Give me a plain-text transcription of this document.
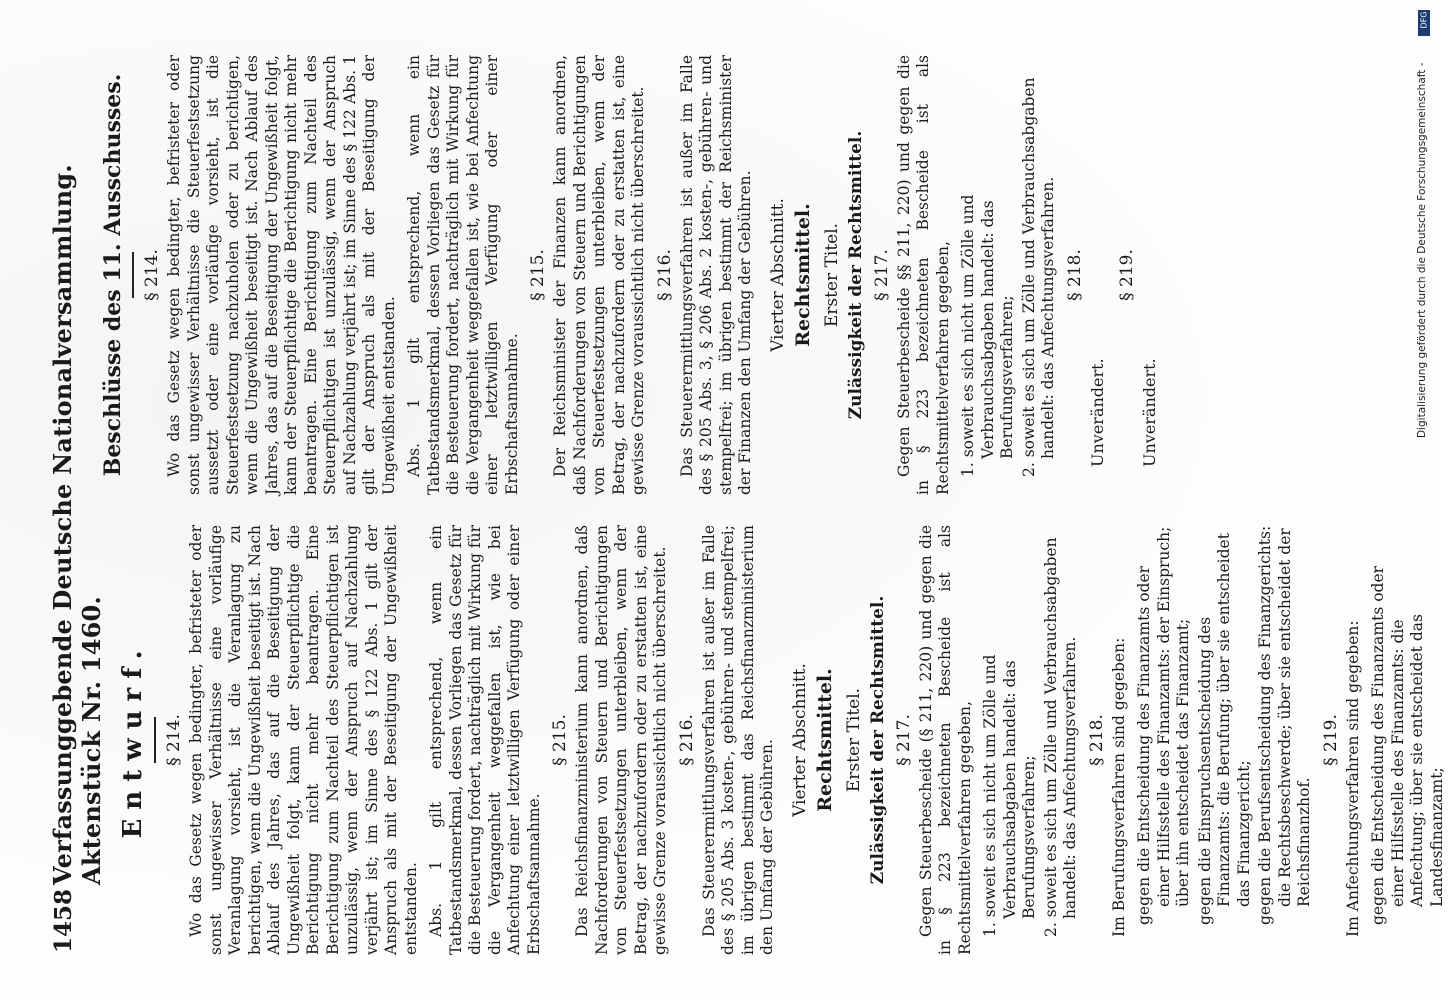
1458
Verfassunggebende Deutsche Nationalversammlung. Aktenstück Nr. 1460. Entwurf. § 214. Wo das Gesetz wegen bedingter, befristeter oder sonst ungewisser Verhältnisse eine vorläufige Veranlagung vorsieht, ist die Veranlagung zu berichtigen, wenn die Ungewißheit beseitigt ist. Nach Ablauf des Jahres, das auf die Beseitigung der Ungewißheit folgt, kann der Steuerpflichtige die Berichtigung nicht mehr beantragen. Eine Berichtigung zum Nachteil des Steuerpflichtigen ist unzulässig, wenn der Anspruch auf Nachzahlung verjährt ist; im Sinne des § 122 Abs. 1 gilt der Anspruch als mit der Beseitigung der Ungewißheit entstanden. Abs. 1 gilt entsprechend, wenn ein Tatbestandsmerkmal, dessen Vorliegen das Gesetz für die Besteuerung fordert, nachträglich mit Wirkung für die Vergangenheit weggefallen ist, wie bei Anfechtung einer letztwilligen Verfügung oder einer Erbschaftsannahme.

§ 215. Das Reichsfinanzministerium kann anordnen, daß Nachforderungen von Steuern und Berichtigungen von Steuerfestsetzungen unterbleiben, wenn der Betrag, der nachzufordern oder zu erstatten ist, eine gewisse Grenze voraussichtlich nicht überschreitet. § 216. Das Steuerermittlungsverfahren ist außer im Falle des § 205 Abs. 3 kosten-, gebühren- und stempelfrei; im übrigen bestimmt das Reichsfinanzministerium den Umfang der Gebühren. Vierter Abschnitt. Rechtsmittel. Erster Titel. Zulässigkeit der Rechtsmittel. § 217. Gegen Steuerbescheide (§ 211, 220) und gegen die in § 223 bezeichneten Bescheide ist als Rechtsmittelverfahren gegeben, 1. soweit es sich nicht um Zölle und Verbrauchsabgaben handelt: das Berufungsverfahren; 2. soweit es sich um Zölle und Verbrauchsabgaben handelt: das Anfechtungsverfahren. § 218. Im Berufungsverfahren sind gegeben: gegen die Entscheidung des Finanzamts oder einer Hilfsstelle des Finanzamts: der Einspruch; über ihn entscheidet das Finanzamt; gegen die Einspruchsentscheidung des Finanzamts: die Berufung; über sie entscheidet das Finanzgericht; gegen die Berufsentscheidung des Finanzgerichts: die Rechtsbeschwerde; über sie entscheidet der Reichsfinanzhof.
§ 219. Im Anfechtungsverfahren sind gegeben: gegen die Entscheidung des Finanzamts oder einer Hilfsstelle des Finanzamts: die Anfechtung; über sie entscheidet das Landesfinanzamt;
Beschlüsse des 11. Ausschusses. § 214. Wo das Gesetz wegen bedingter, befristeter oder sonst ungewisser Verhältnisse die Steuerfestsetzung aussetzt oder eine vorläufige vorsieht, ist die Steuerfestsetzung nachzuholen oder zu berichtigen, wenn die Ungewißheit beseitigt ist. Nach Ablauf des Jahres, das auf die Beseitigung der Ungewißheit folgt, kann der Steuerpflichtige die Berichtigung nicht mehr beantragen. Eine Berichtigung zum Nachteil des Steuerpflichtigen ist unzulässig, wenn der Anspruch auf Nachzahlung verjährt ist; im Sinne des § 122 Abs. 1 gilt der Anspruch als mit der Beseitigung der Ungewißheit entstanden. Abs. 1 gilt entsprechend, wenn ein Tatbestandsmerkmal, dessen Vorliegen das Gesetz für die Besteuerung fordert, nachträglich mit Wirkung für die Vergangenheit weggefallen ist, wie bei Anfechtung einer letztwilligen Verfügung oder einer Erbschaftsannahme.

§ 215. Der Reichsminister der Finanzen kann anordnen, daß Nachforderungen von Steuern und Berichtigungen von Steuerfestsetzungen unterbleiben, wenn der Betrag, der nachzufordern oder zu erstatten ist, eine gewisse Grenze voraussichtlich nicht überschreitet. § 216. Das Steuerermittlungsverfahren ist außer im Falle des § 205 Abs. 3, § 206 Abs. 2 kosten-, gebühren- und stempelfrei; im übrigen bestimmt der Reichsminister der Finanzen den Umfang der Gebühren. Vierter Abschnitt. Rechtsmittel. Erster Titel. Zulässigkeit der Rechtsmittel. § 217. Gegen Steuerbescheide §§ 211, 220) und gegen die in § 223 bezeichneten Bescheide ist als Rechtsmittelverfahren gegeben, 1. soweit es sich nicht um Zölle und Verbrauchsabgaben handelt: das Berufungsverfahren; 2. soweit es sich um Zölle und Verbrauchsabgaben handelt: das Anfechtungsverfahren. § 218.
Unverändert.
§ 219.
Unverändert.
DFG
Digitalisierung gefördert durch die Deutsche Forschungsgemeinschaft -
